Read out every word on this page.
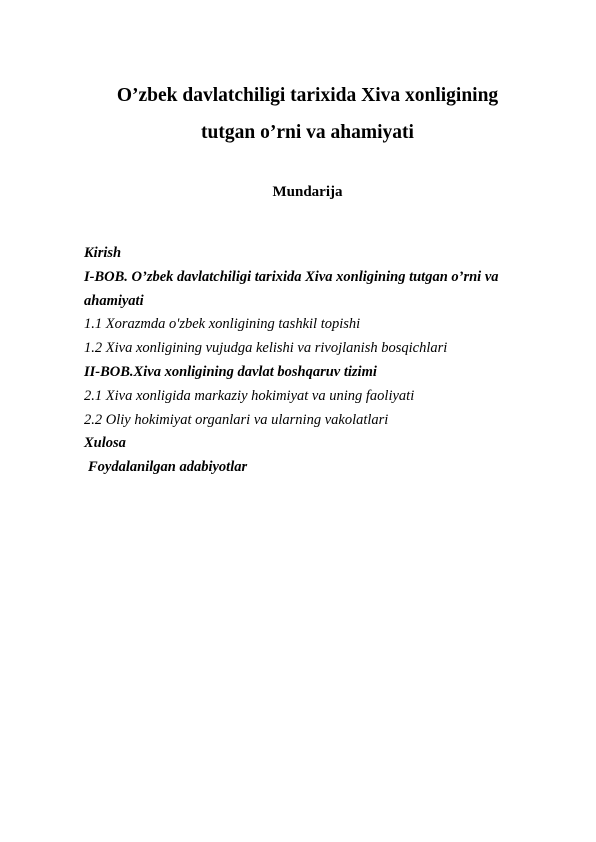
O’zbek davlatchiligi tarixida Xiva xonligining
tutgan o’rni va ahamiyati
Mundarija
Kirish
I-BOB. O’zbek davlatchiligi tarixida Xiva xonligining tutgan o’rni va ahamiyati
1.1 Xorazmda o'zbek xonligining tashkil topishi
1.2 Xiva xonligining vujudga kelishi va rivojlanish bosqichlari
II-BOB.Xiva xonligining davlat boshqaruv tizimi
2.1 Xiva xonligida markaziy hokimiyat va uning faoliyati
2.2 Oliy hokimiyat organlari va ularning vakolatlari
Xulosa
Foydalanilgan adabiyotlar
